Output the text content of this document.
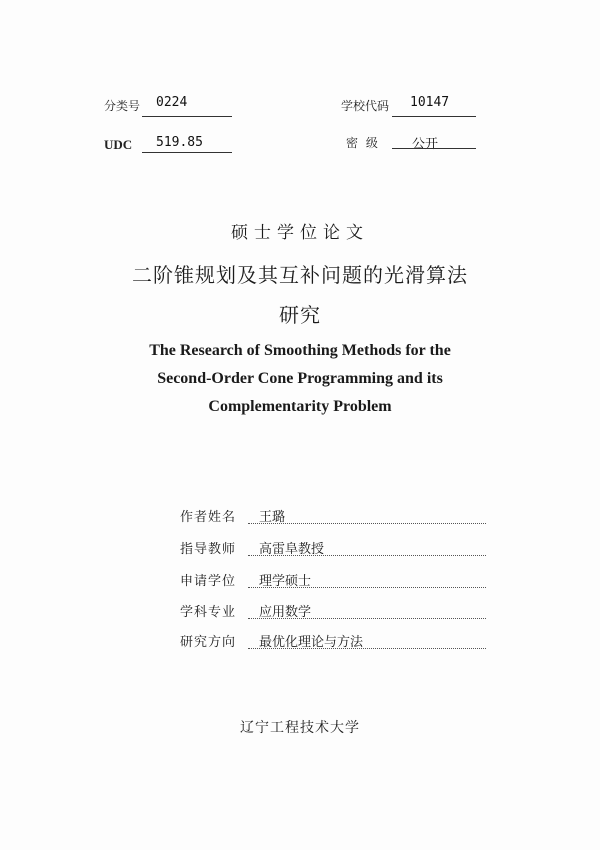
分类号 0224	学校代码 10147
UDC 519.85	密 级 公开
硕士学位论文
二阶锥规划及其互补问题的光滑算法
研究
The Research of Smoothing Methods for the
Second-Order Cone Programming and its
Complementarity Problem
作者姓名 王璐
指导教师 高雷阜教授
申请学位 理学硕士
学科专业 应用数学
研究方向 最优化理论与方法
辽宁工程技术大学
